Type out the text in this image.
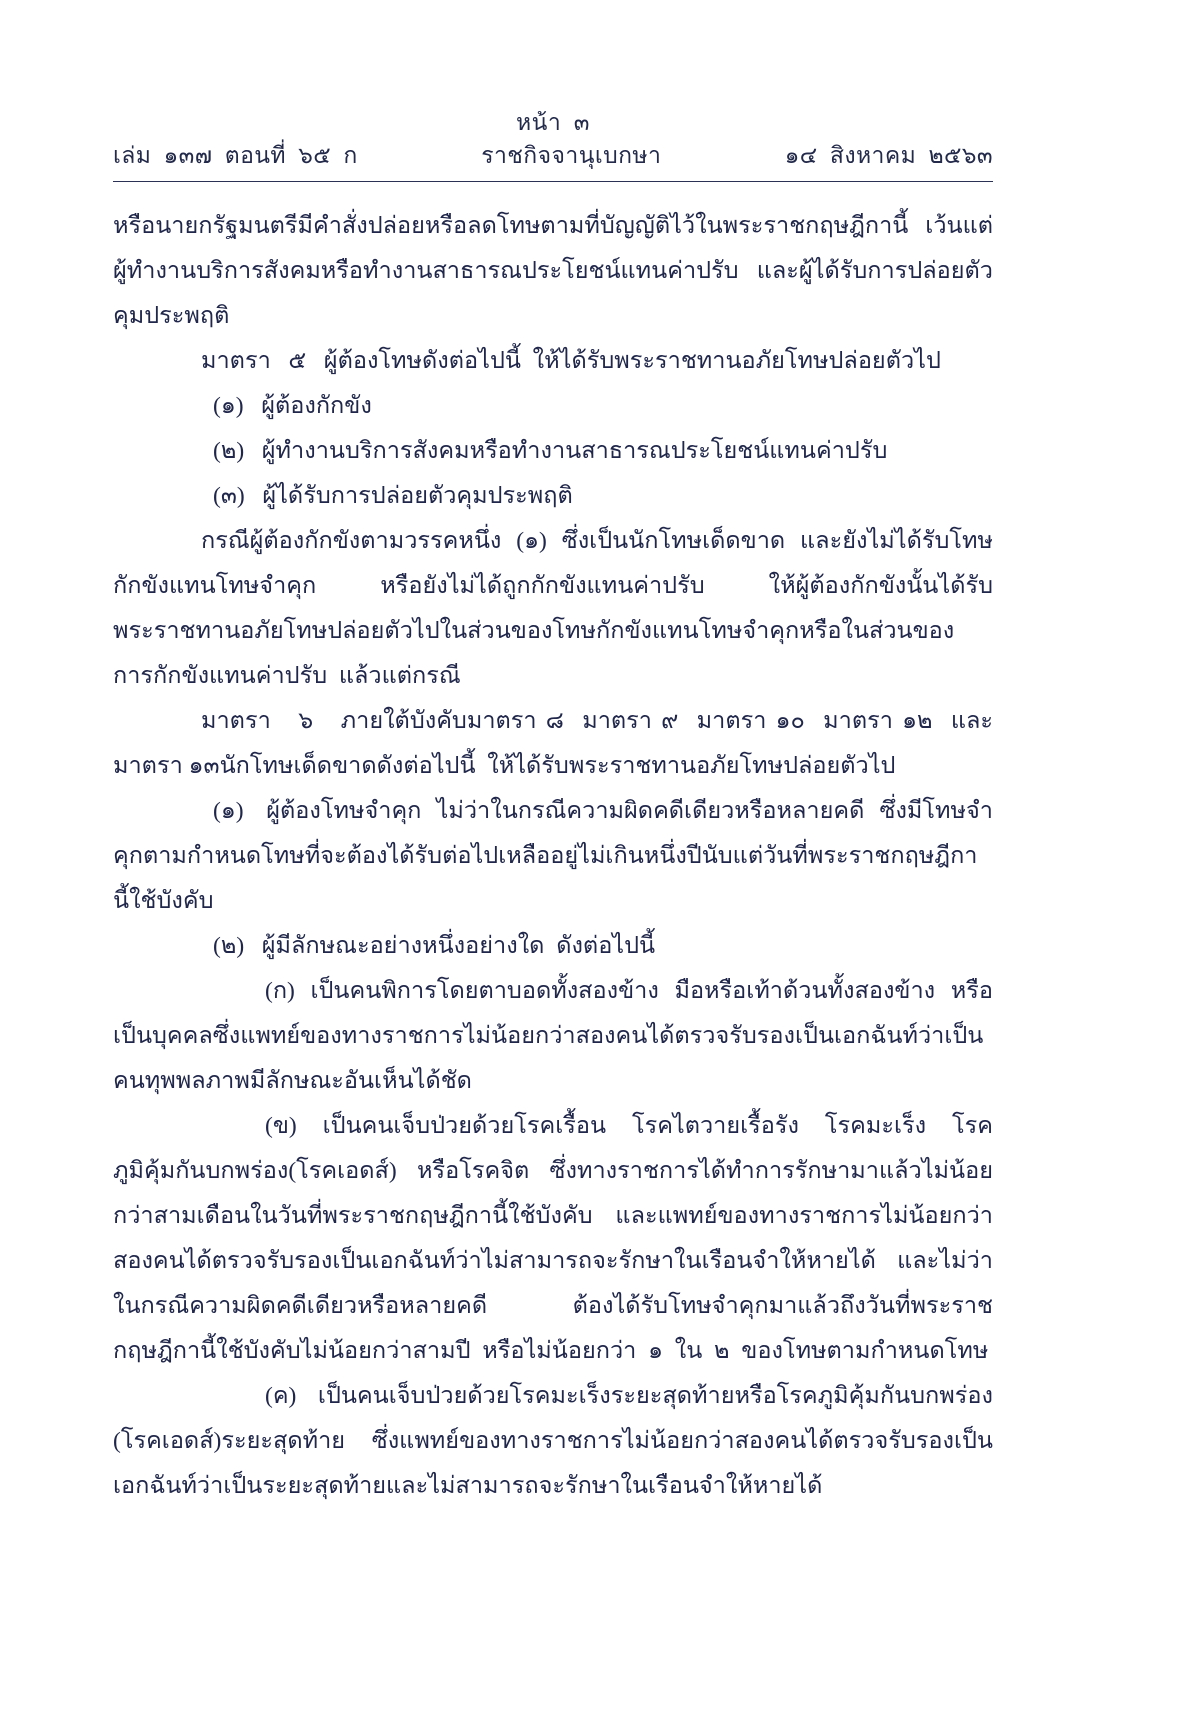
หน้า  ๓
เล่ม  ๑๓๗  ตอนที่  ๖๕  ก	ราชกิจจานุเบกษา	๑๔  สิงหาคม  ๒๕๖๓

หรือนายกรัฐมนตรีมีคำสั่งปล่อยหรือลดโทษตามที่บัญญัติไว้ในพระราชกฤษฎีกานี้  เว้นแต่ผู้ทำงานบริการสังคมหรือทำงานสาธารณประโยชน์แทนค่าปรับ  และผู้ได้รับการปล่อยตัวคุมประพฤติ

มาตรา   ๕   ผู้ต้องโทษดังต่อไปนี้  ให้ได้รับพระราชทานอภัยโทษปล่อยตัวไป

(๑)   ผู้ต้องกักขัง

(๒)   ผู้ทำงานบริการสังคมหรือทำงานสาธารณประโยชน์แทนค่าปรับ

(๓)   ผู้ได้รับการปล่อยตัวคุมประพฤติ

กรณีผู้ต้องกักขังตามวรรคหนึ่ง  (๑)  ซึ่งเป็นนักโทษเด็ดขาด  และยังไม่ได้รับโทษกักขังแทนโทษจำคุก  หรือยังไม่ได้ถูกกักขังแทนค่าปรับ  ให้ผู้ต้องกักขังนั้นได้รับพระราชทานอภัยโทษปล่อยตัวไปในส่วนของโทษกักขังแทนโทษจำคุกหรือในส่วนของการกักขังแทนค่าปรับ  แล้วแต่กรณี

มาตรา   ๖   ภายใต้บังคับมาตรา ๘  มาตรา ๙  มาตรา ๑๐  มาตรา ๑๒  และมาตรา ๑๓นักโทษเด็ดขาดดังต่อไปนี้  ให้ได้รับพระราชทานอภัยโทษปล่อยตัวไป

(๑)   ผู้ต้องโทษจำคุก  ไม่ว่าในกรณีความผิดคดีเดียวหรือหลายคดี  ซึ่งมีโทษจำคุกตามกำหนดโทษที่จะต้องได้รับต่อไปเหลืออยู่ไม่เกินหนึ่งปีนับแต่วันที่พระราชกฤษฎีกานี้ใช้บังคับ

(๒)   ผู้มีลักษณะอย่างหนึ่งอย่างใด  ดังต่อไปนี้

(ก)  เป็นคนพิการโดยตาบอดทั้งสองข้าง  มือหรือเท้าด้วนทั้งสองข้าง  หรือเป็นบุคคลซึ่งแพทย์ของทางราชการไม่น้อยกว่าสองคนได้ตรวจรับรองเป็นเอกฉันท์ว่าเป็นคนทุพพลภาพมีลักษณะอันเห็นได้ชัด

(ข)  เป็นคนเจ็บป่วยด้วยโรคเรื้อน  โรคไตวายเรื้อรัง  โรคมะเร็ง  โรคภูมิคุ้มกันบกพร่อง(โรคเอดส์)  หรือโรคจิต  ซึ่งทางราชการได้ทำการรักษามาแล้วไม่น้อยกว่าสามเดือนในวันที่พระราชกฤษฎีกานี้ใช้บังคับ  และแพทย์ของทางราชการไม่น้อยกว่าสองคนได้ตรวจรับรองเป็นเอกฉันท์ว่าไม่สามารถจะรักษาในเรือนจำให้หายได้  และไม่ว่าในกรณีความผิดคดีเดียวหรือหลายคดี  ต้องได้รับโทษจำคุกมาแล้วถึงวันที่พระราชกฤษฎีกานี้ใช้บังคับไม่น้อยกว่าสามปี  หรือไม่น้อยกว่า  ๑  ใน  ๒  ของโทษตามกำหนดโทษ

(ค)  เป็นคนเจ็บป่วยด้วยโรคมะเร็งระยะสุดท้ายหรือโรคภูมิคุ้มกันบกพร่อง  (โรคเอดส์)ระยะสุดท้าย  ซึ่งแพทย์ของทางราชการไม่น้อยกว่าสองคนได้ตรวจรับรองเป็นเอกฉันท์ว่าเป็นระยะสุดท้ายและไม่สามารถจะรักษาในเรือนจำให้หายได้
